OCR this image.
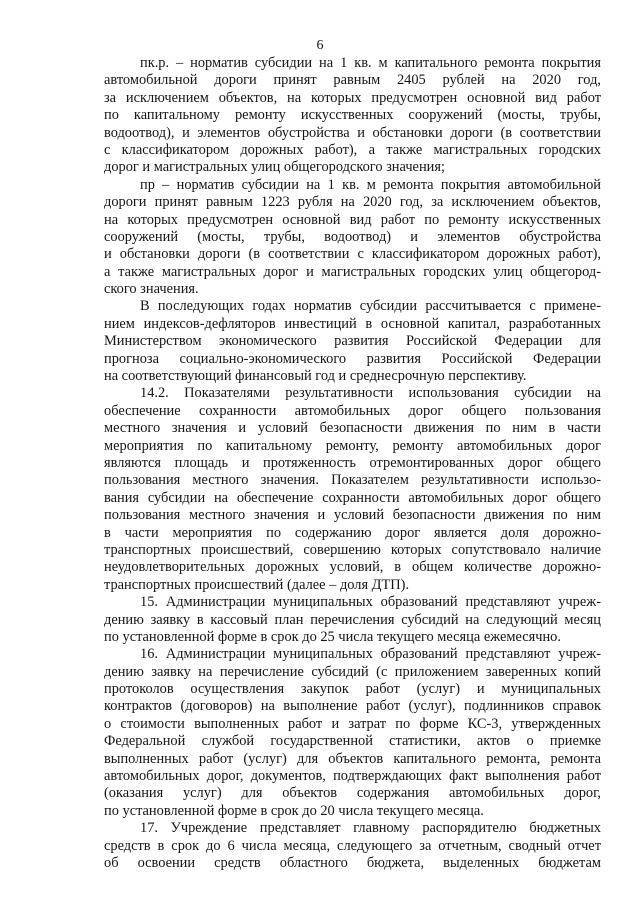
6
пк.р. – норматив субсидии на 1 кв. м капитального ремонта покрытия
автомобильной дороги принят равным 2405 рублей на 2020 год,
за исключением объектов, на которых предусмотрен основной вид работ
по капитальному ремонту искусственных сооружений (мосты, трубы,
водоотвод), и элементов обустройства и обстановки дороги (в соответствии
с классификатором дорожных работ), а также магистральных городских
дорог и магистральных улиц общегородского значения;
пр – норматив субсидии на 1 кв. м ремонта покрытия автомобильной
дороги принят равным 1223 рубля на 2020 год, за исключением объектов,
на которых предусмотрен основной вид работ по ремонту искусственных
сооружений (мосты, трубы, водоотвод) и элементов обустройства
и обстановки дороги (в соответствии с классификатором дорожных работ),
а также магистральных дорог и магистральных городских улиц общегород-
ского значения.
В последующих годах норматив субсидии рассчитывается с примене-
нием индексов-дефляторов инвестиций в основной капитал, разработанных
Министерством экономического развития Российской Федерации для
прогноза социально-экономического развития Российской Федерации
на соответствующий финансовый год и среднесрочную перспективу.
14.2. Показателями результативности использования субсидии на
обеспечение сохранности автомобильных дорог общего пользования
местного значения и условий безопасности движения по ним в части
мероприятия по капитальному ремонту, ремонту автомобильных дорог
являются площадь и протяженность отремонтированных дорог общего
пользования местного значения. Показателем результативности использо-
вания субсидии на обеспечение сохранности автомобильных дорог общего
пользования местного значения и условий безопасности движения по ним
в части мероприятия по содержанию дорог является доля дорожно-
транспортных происшествий, совершению которых сопутствовало наличие
неудовлетворительных дорожных условий, в общем количестве дорожно-
транспортных происшествий (далее – доля ДТП).
15. Администрации муниципальных образований представляют учреж-
дению заявку в кассовый план перечисления субсидий на следующий месяц
по установленной форме в срок до 25 числа текущего месяца ежемесячно.
16. Администрации муниципальных образований представляют учреж-
дению заявку на перечисление субсидий (с приложением заверенных копий
протоколов осуществления закупок работ (услуг) и муниципальных
контрактов (договоров) на выполнение работ (услуг), подлинников справок
о стоимости выполненных работ и затрат по форме КС-3, утвержденных
Федеральной службой государственной статистики, актов о приемке
выполненных работ (услуг) для объектов капитального ремонта, ремонта
автомобильных дорог, документов, подтверждающих факт выполнения работ
(оказания услуг) для объектов содержания автомобильных дорог,
по установленной форме в срок до 20 числа текущего месяца.
17. Учреждение представляет главному распорядителю бюджетных
средств в срок до 6 числа месяца, следующего за отчетным, сводный отчет
об освоении средств областного бюджета, выделенных бюджетам
